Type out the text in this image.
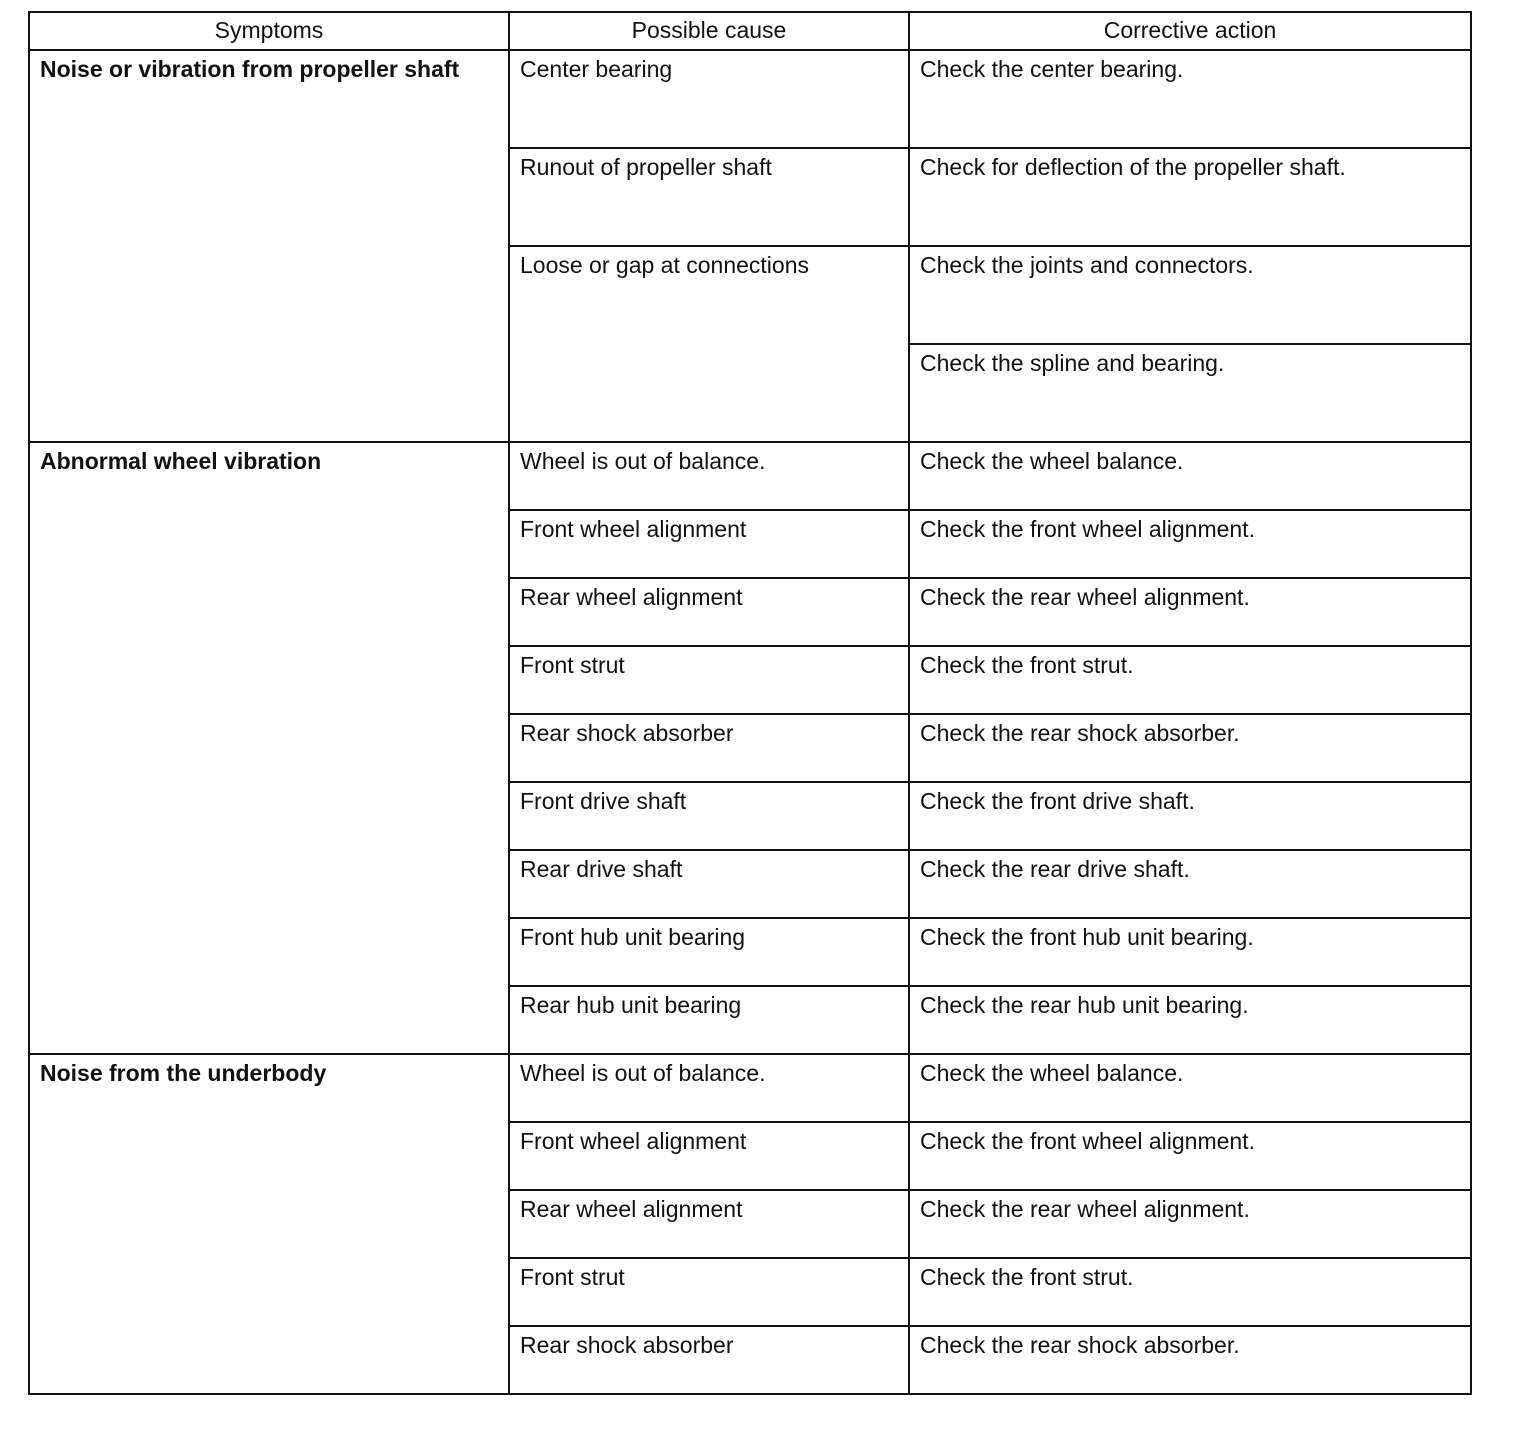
Symptoms	Possible cause	Corrective action
Noise or vibration from propeller shaft	Center bearing	Check the center bearing.
	Runout of propeller shaft	Check for deflection of the propeller shaft.
	Loose or gap at connections	Check the joints and connectors.
		Check the spline and bearing.
Abnormal wheel vibration	Wheel is out of balance.	Check the wheel balance.
	Front wheel alignment	Check the front wheel alignment.
	Rear wheel alignment	Check the rear wheel alignment.
	Front strut	Check the front strut.
	Rear shock absorber	Check the rear shock absorber.
	Front drive shaft	Check the front drive shaft.
	Rear drive shaft	Check the rear drive shaft.
	Front hub unit bearing	Check the front hub unit bearing.
	Rear hub unit bearing	Check the rear hub unit bearing.
Noise from the underbody	Wheel is out of balance.	Check the wheel balance.
	Front wheel alignment	Check the front wheel alignment.
	Rear wheel alignment	Check the rear wheel alignment.
	Front strut	Check the front strut.
	Rear shock absorber	Check the rear shock absorber.
